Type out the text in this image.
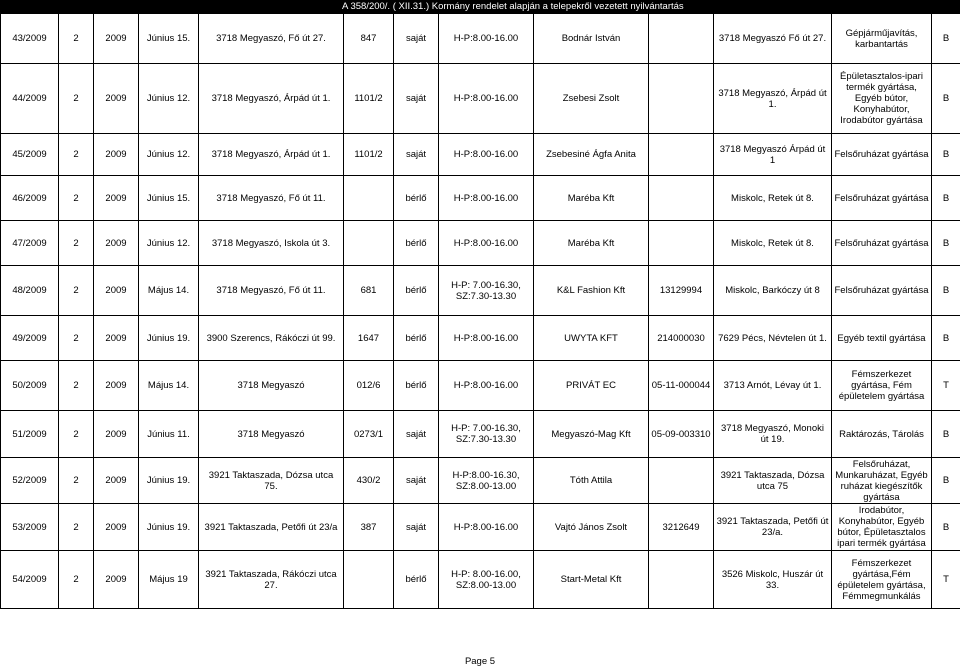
A 358/200/. ( XII.31.) Kormány rendelet alapján a telepekről vezetett nyilvántartás
43/2009	2	2009	Június 15.	3718 Megyaszó, Fő út 27.	847	saját	H-P:8.00-16.00	Bodnár István		3718 Megyaszó Fő út 27.	Gépjárműjavítás, karbantartás	B
44/2009	2	2009	Június 12.	3718 Megyaszó, Árpád út 1.	1101/2	saját	H-P:8.00-16.00	Zsebesi Zsolt		3718 Megyaszó, Árpád út 1.	Épületasztalos-ipari termék gyártása, Egyéb bútor, Konyhabútor, Irodabútor gyártása	B
45/2009	2	2009	Június 12.	3718 Megyaszó, Árpád út 1.	1101/2	saját	H-P:8.00-16.00	Zsebesiné Ágfa Anita		3718 Megyaszó Árpád út 1	Felsőruházat gyártása	B
46/2009	2	2009	Június 15.	3718 Megyaszó, Fő út 11.		bérlő	H-P:8.00-16.00	Maréba Kft		Miskolc, Retek út 8.	Felsőruházat gyártása	B
47/2009	2	2009	Június 12.	3718 Megyaszó, Iskola út 3.		bérlő	H-P:8.00-16.00	Maréba Kft		Miskolc, Retek út 8.	Felsőruházat gyártása	B
48/2009	2	2009	Május 14.	3718 Megyaszó, Fő út 11.	681	bérlő	H-P: 7.00-16.30, SZ:7.30-13.30	K&L Fashion Kft	13129994	Miskolc, Barkóczy út 8	Felsőruházat gyártása	B
49/2009	2	2009	Június 19.	3900 Szerencs, Rákóczi út 99.	1647	bérlő	H-P:8.00-16.00	UWYTA KFT	214000030	7629 Pécs, Névtelen út 1.	Egyéb textil gyártása	B
50/2009	2	2009	Május 14.	3718 Megyaszó	012/6	bérlő	H-P:8.00-16.00	PRIVÁT EC	05-11-000044	3713 Arnót, Lévay út 1.	Fémszerkezet gyártása, Fém épületelem gyártása	T
51/2009	2	2009	Június 11.	3718 Megyaszó	0273/1	saját	H-P: 7.00-16.30, SZ:7.30-13.30	Megyaszó-Mag Kft	05-09-003310	3718 Megyaszó, Monoki út 19.	Raktározás, Tárolás	B
52/2009	2	2009	Június 19.	3921 Taktaszada, Dózsa utca 75.	430/2	saját	H-P:8.00-16.30, SZ:8.00-13.00	Tóth Attila		3921 Taktaszada, Dózsa utca 75	Felsőruházat, Munkaruházat, Egyéb ruházat kiegészítők gyártása	B
53/2009	2	2009	Június 19.	3921 Taktaszada, Petőfi út 23/a	387	saját	H-P:8.00-16.00	Vajtó János Zsolt	3212649	3921 Taktaszada, Petőfi út 23/a.	Irodabútor, Konyhabútor, Egyéb bútor, Épületasztalos ipari termék gyártása	B
54/2009	2	2009	Május 19	3921 Taktaszada, Rákóczi utca 27.		bérlő	H-P: 8.00-16.00, SZ:8.00-13.00	Start-Metal Kft		3526 Miskolc, Huszár út 33.	Fémszerkezet gyártása,Fém épületelem gyártása, Fémmegmunkálás	T
Page 5
